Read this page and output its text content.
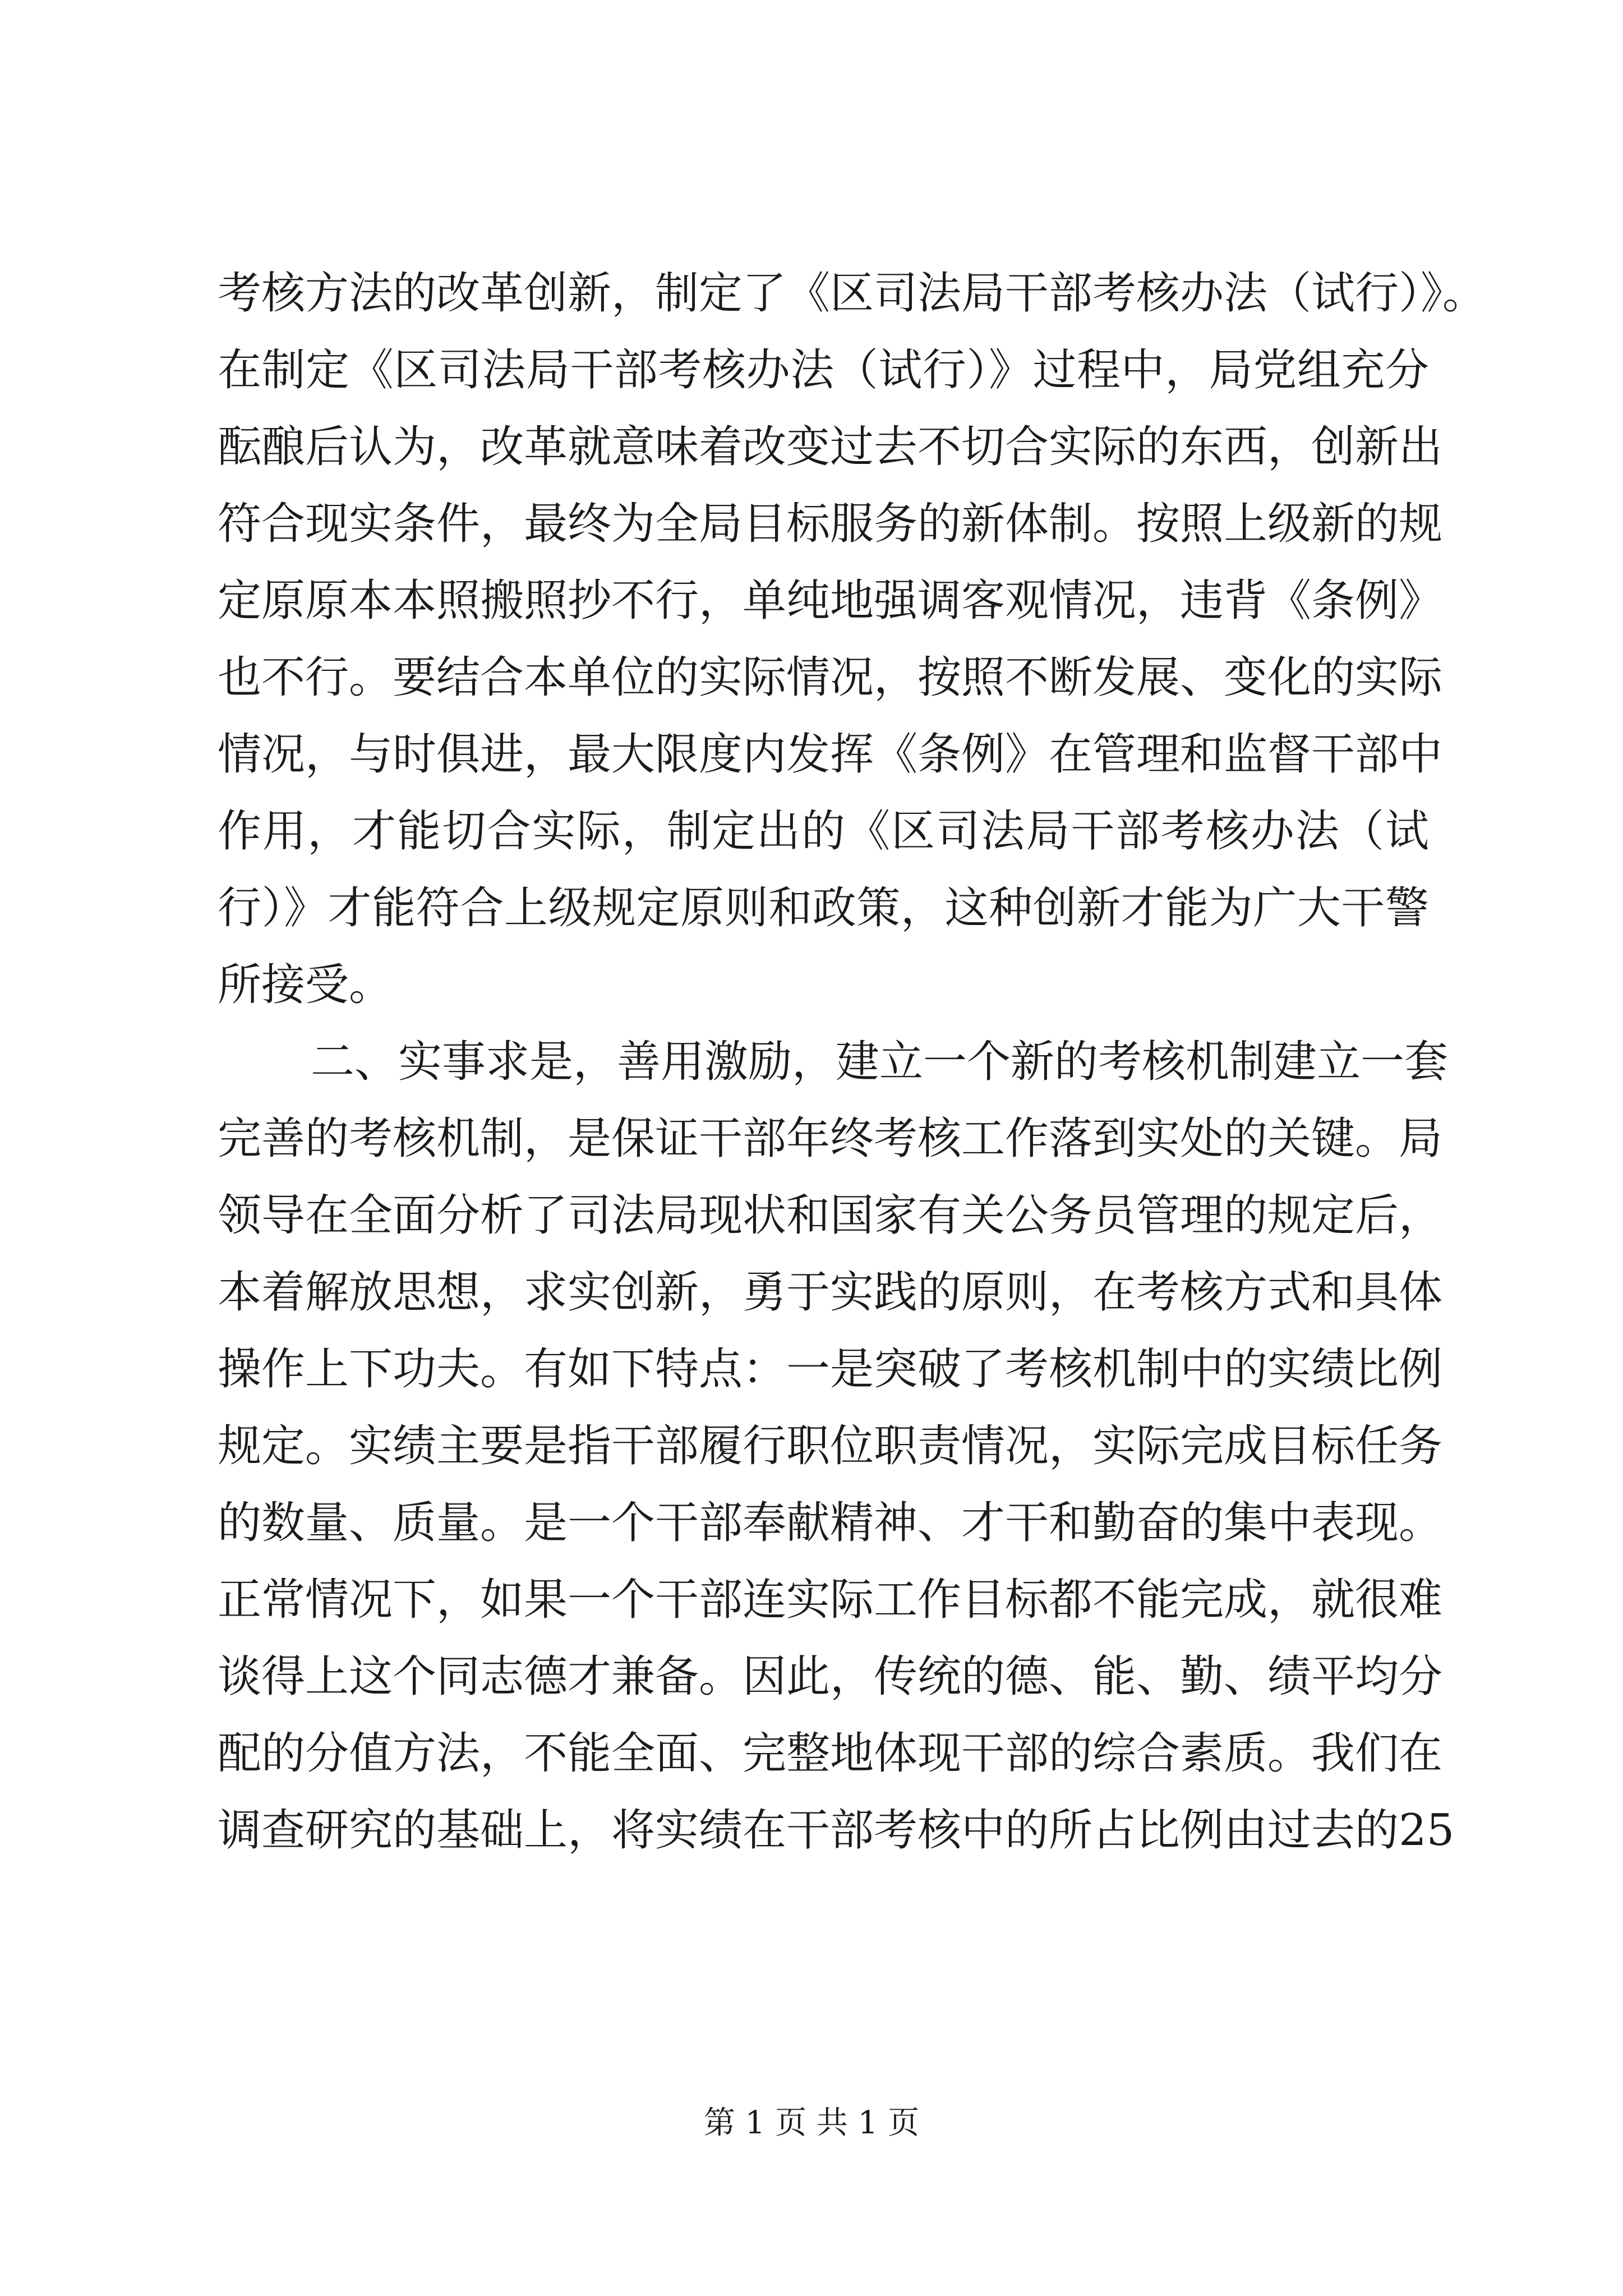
考核方法的改革创新，制定了《区司法局干部考核办法（试行）》。
在制定《区司法局干部考核办法（试行）》过程中，局党组充分
酝酿后认为，改革就意味着改变过去不切合实际的东西，创新出
符合现实条件，最终为全局目标服务的新体制。按照上级新的规
定原原本本照搬照抄不行，单纯地强调客观情况，违背《条例》
也不行。要结合本单位的实际情况，按照不断发展、变化的实际
情况，与时俱进，最大限度内发挥《条例》在管理和监督干部中
作用，才能切合实际，制定出的《区司法局干部考核办法（试
行）》才能符合上级规定原则和政策，这种创新才能为广大干警
所接受。
二、实事求是，善用激励，建立一个新的考核机制建立一套
完善的考核机制，是保证干部年终考核工作落到实处的关键。局
领导在全面分析了司法局现状和国家有关公务员管理的规定后，
本着解放思想，求实创新，勇于实践的原则，在考核方式和具体
操作上下功夫。有如下特点：一是突破了考核机制中的实绩比例
规定。实绩主要是指干部履行职位职责情况，实际完成目标任务
的数量、质量。是一个干部奉献精神、才干和勤奋的集中表现。
正常情况下，如果一个干部连实际工作目标都不能完成，就很难
谈得上这个同志德才兼备。因此，传统的德、能、勤、绩平均分
配的分值方法，不能全面、完整地体现干部的综合素质。我们在
调查研究的基础上，将实绩在干部考核中的所占比例由过去的25
第 1 页 共 1 页
